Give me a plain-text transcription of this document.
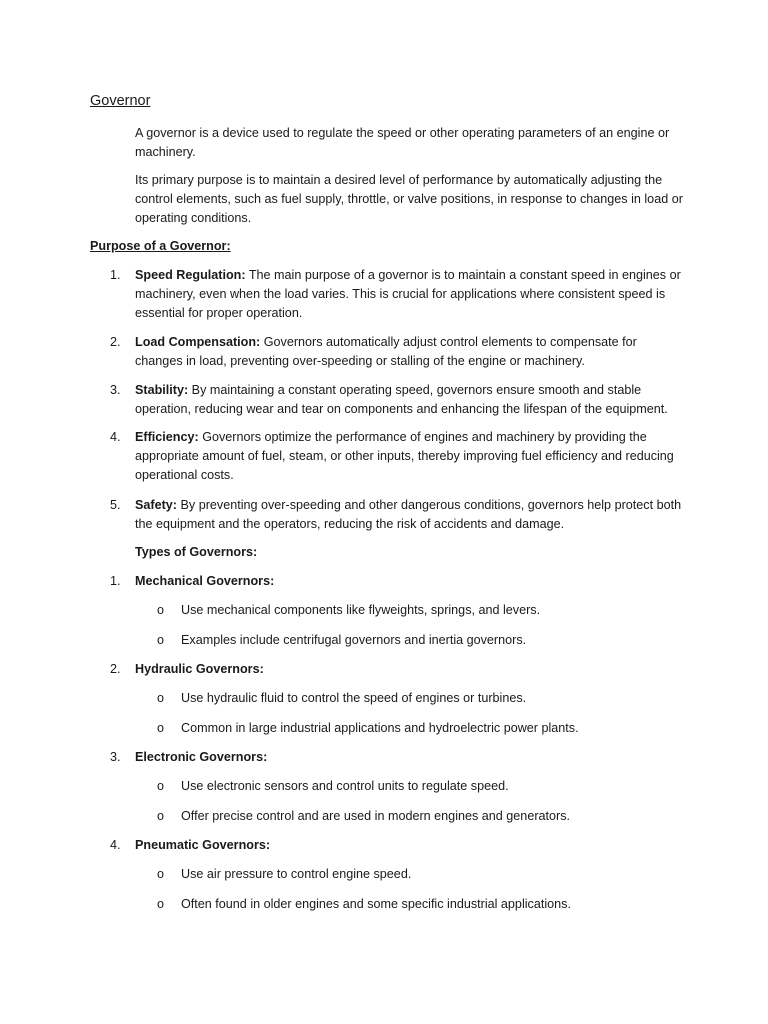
Governor

A governor is a device used to regulate the speed or other operating parameters of an engine or machinery.

Its primary purpose is to maintain a desired level of performance by automatically adjusting the control elements, such as fuel supply, throttle, or valve positions, in response to changes in load or operating conditions.

Purpose of a Governor:

1.	Speed Regulation: The main purpose of a governor is to maintain a constant speed in engines or machinery, even when the load varies. This is crucial for applications where consistent speed is essential for proper operation.
2.	Load Compensation: Governors automatically adjust control elements to compensate for changes in load, preventing over-speeding or stalling of the engine or machinery.
3.	Stability: By maintaining a constant operating speed, governors ensure smooth and stable operation, reducing wear and tear on components and enhancing the lifespan of the equipment.
4.	Efficiency: Governors optimize the performance of engines and machinery by providing the appropriate amount of fuel, steam, or other inputs, thereby improving fuel efficiency and reducing operational costs.
5.	Safety: By preventing over-speeding and other dangerous conditions, governors help protect both the equipment and the operators, reducing the risk of accidents and damage.

Types of Governors:

1.	Mechanical Governors:
o Use mechanical components like flyweights, springs, and levers.
o Examples include centrifugal governors and inertia governors.
2.	Hydraulic Governors:
o Use hydraulic fluid to control the speed of engines or turbines.
o Common in large industrial applications and hydroelectric power plants.
3.	Electronic Governors:
o Use electronic sensors and control units to regulate speed.
o Offer precise control and are used in modern engines and generators.
4.	Pneumatic Governors:
o Use air pressure to control engine speed.
o Often found in older engines and some specific industrial applications.
